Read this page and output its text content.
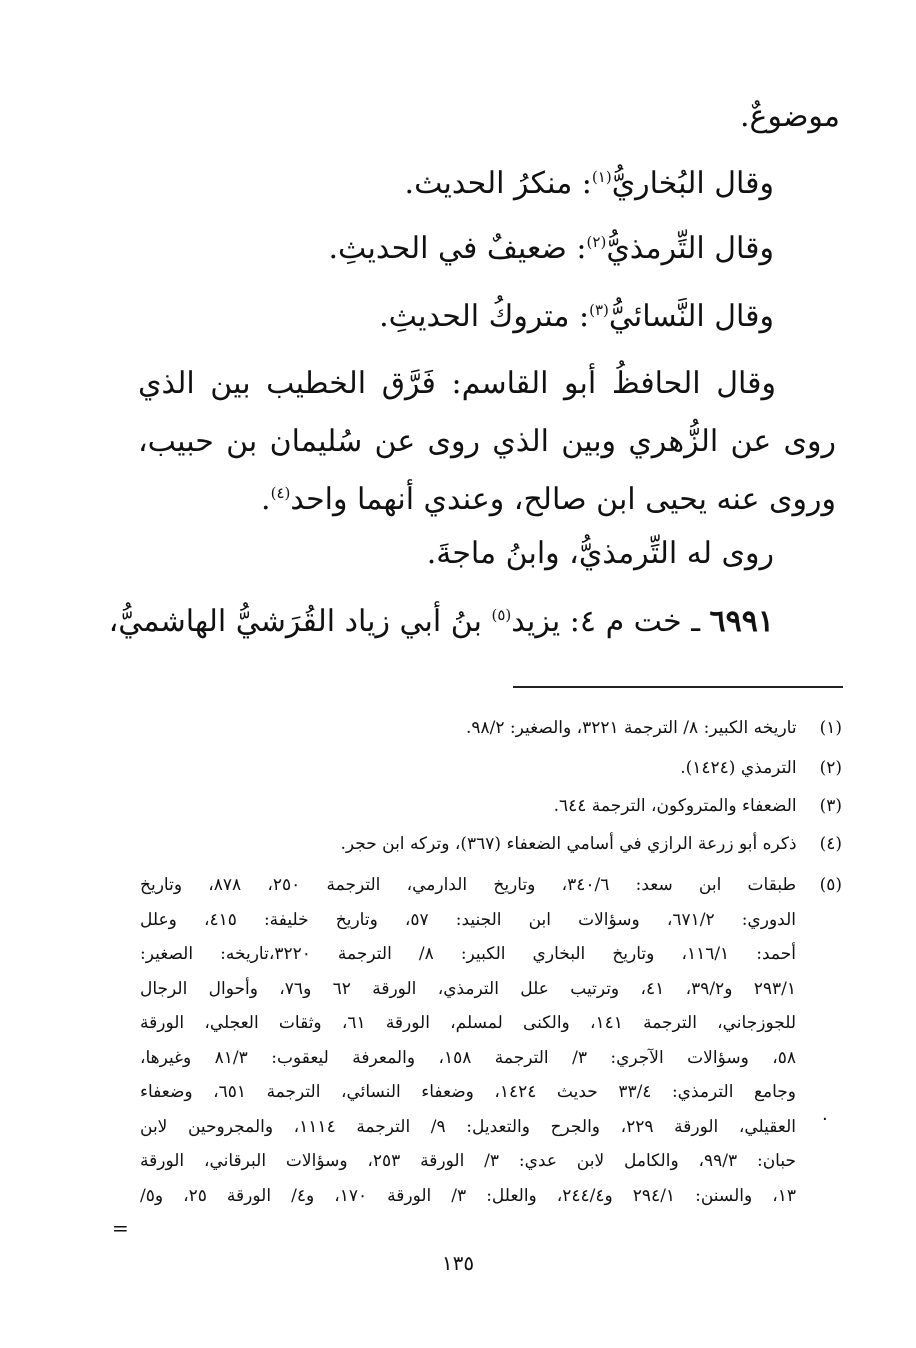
موضوعٌ.
وقال البُخاريُّ$^{(١)}$: منكرُ الحديث.
وقال التِّرمذيُّ$^{(٢)}$: ضعيفٌ في الحديثِ.
وقال النَّسائيُّ$^{(٣)}$: متروكُ الحديثِ.
وقال الحافظُ أبو القاسم: فَرَّق الخطيب بين الذي روى عن الزُّهري وبين الذي روى عن سُليمان بن حبيب، وروى عنه يحيى ابن صالح، وعندي أنهما واحد$^{(٤)}$.
روى له التِّرمذيُّ، وابنُ ماجةَ.
٦٩٩١ ـ خت م ٤: يزيد$^{(٥)}$ بنُ أبي زياد القُرَشيُّ الهاشميُّ،
(١) تاريخه الكبير: ٨/ الترجمة ٣٢٢١، والصغير: ٩٨/٢.
(٢) الترمذي (١٤٢٤).
(٣) الضعفاء والمتروكون، الترجمة ٦٤٤.
(٤) ذكره أبو زرعة الرازي في أسامي الضعفاء (٣٦٧)، وتركه ابن حجر.
(٥)
طبقات ابن سعد: ٣٤٠/٦، وتاريخ الدارمي، الترجمة ٢٥٠، ٨٧٨، وتاريخ
الدوري: ٦٧١/٢، وسؤالات ابن الجنيد: ٥٧، وتاريخ خليفة: ٤١٥، وعلل
أحمد: ١١٦/١، وتاريخ البخاري الكبير: ٨/ الترجمة ٣٢٢٠،تاريخه: الصغير:
٢٩٣/١ و٣٩/٢، ٤١، وترتيب علل الترمذي، الورقة ٦٢ و٧٦، وأحوال الرجال
للجوزجاني، الترجمة ١٤١، والكنى لمسلم، الورقة ٦١، وثقات العجلي، الورقة
٥٨، وسؤالات الآجري: ٣/ الترجمة ١٥٨، والمعرفة ليعقوب: ٨١/٣ وغيرها،
وجامع الترمذي: ٣٣/٤ حديث ١٤٢٤، وضعفاء النسائي، الترجمة ٦٥١، وضعفاء
العقيلي، الورقة ٢٢٩، والجرح والتعديل: ٩/ الترجمة ١١١٤، والمجروحين لابن
حبان: ٩٩/٣، والكامل لابن عدي: ٣/ الورقة ٢٥٣، وسؤالات البرقاني، الورقة
١٣، والسنن: ٢٩٤/١ و٢٤٤/٤، والعلل: ٣/ الورقة ١٧٠، و٤/ الورقة ٢٥، و٥/
·
=
١٣٥
